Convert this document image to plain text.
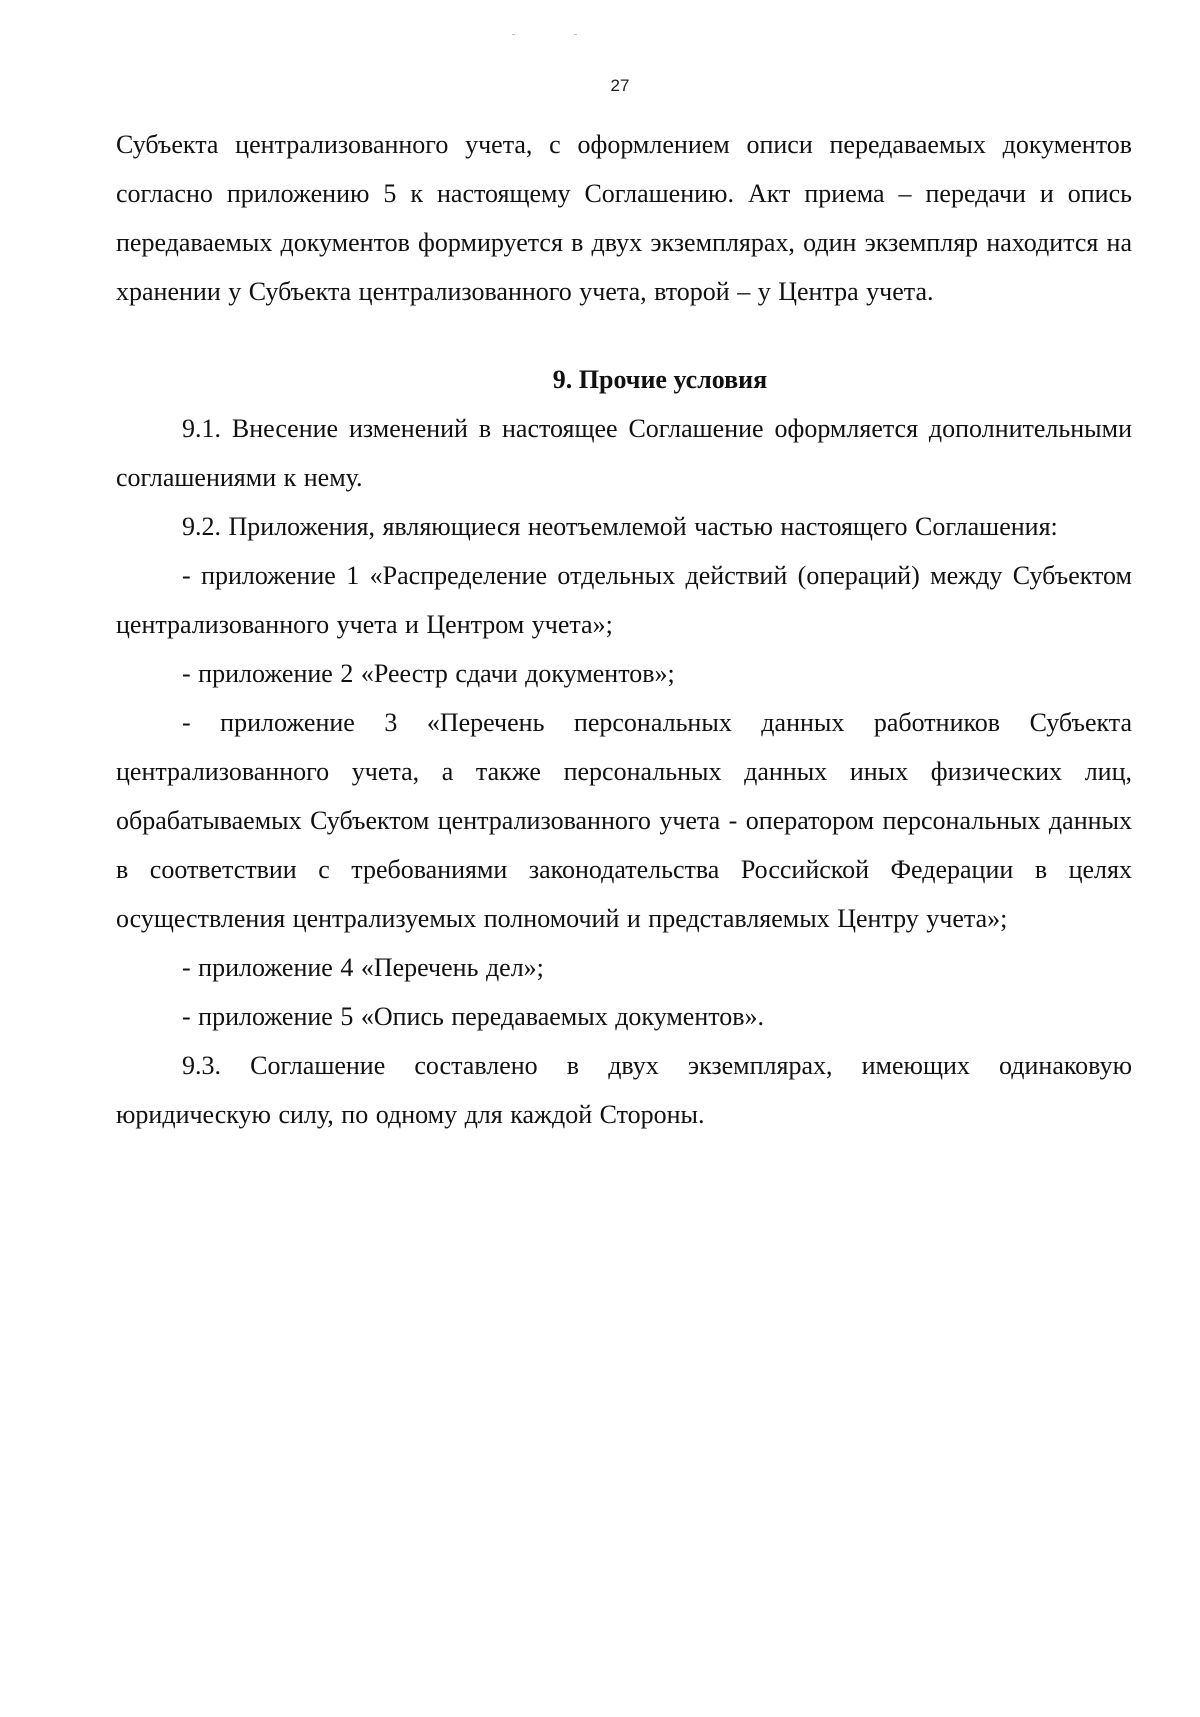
27

Субъекта централизованного учета, с оформлением описи передаваемых документов согласно приложению 5 к настоящему Соглашению. Акт приема – передачи и опись передаваемых документов формируется в двух экземплярах, один экземпляр находится на хранении у Субъекта централизованного учета, второй – у Центра учета.

9. Прочие условия

9.1. Внесение изменений в настоящее Соглашение оформляется дополнительными соглашениями к нему.

9.2. Приложения, являющиеся неотъемлемой частью настоящего Соглашения:

- приложение 1 «Распределение отдельных действий (операций) между Субъектом централизованного учета и Центром учета»;

- приложение 2 «Реестр сдачи документов»;

- приложение 3 «Перечень персональных данных работников Субъекта централизованного учета, а также персональных данных иных физических лиц, обрабатываемых Субъектом централизованного учета - оператором персональных данных в соответствии с требованиями законодательства Российской Федерации в целях осуществления централизуемых полномочий и представляемых Центру учета»;

- приложение 4 «Перечень дел»;

- приложение 5 «Опись передаваемых документов».

9.3. Соглашение составлено в двух экземплярах, имеющих одинаковую юридическую силу, по одному для каждой Стороны.
